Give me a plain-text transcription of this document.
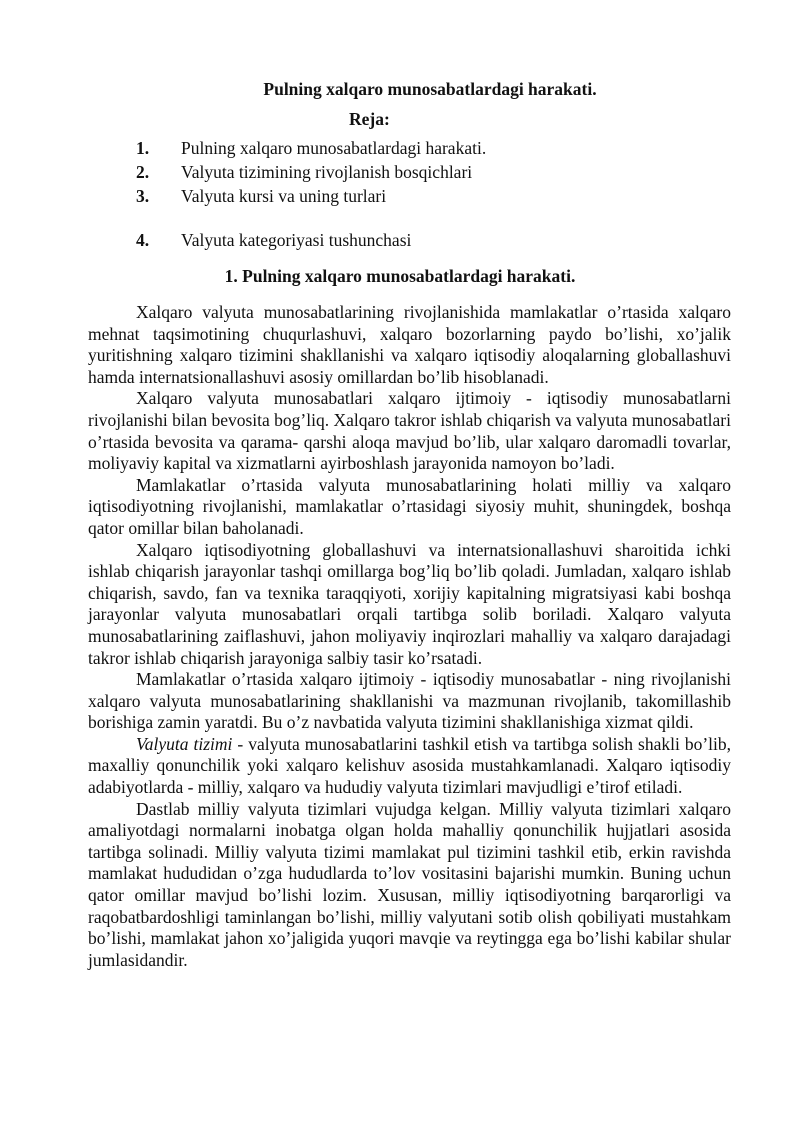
Pulning xalqaro munosabatlardagi harakati.
Reja:
1. Pulning xalqaro munosabatlardagi harakati.
2. Valyuta tizimining rivojlanish bosqichlari
3. Valyuta kursi va uning turlari
4. Valyuta kategoriyasi tushunchasi
1. Pulning xalqaro munosabatlardagi harakati.

Xalqaro valyuta munosabatlarining rivojlanishida mamlakatlar o’rtasida xalqaro mehnat taqsimotining chuqurlashuvi, xalqaro bozorlarning paydo bo’lishi, xo’jalik yuritishning xalqaro tizimini shakllanishi va xalqaro iqtisodiy aloqalarning globallashuvi hamda internatsionallashuvi asosiy omillardan bo’lib hisoblanadi.

Xalqaro valyuta munosabatlari xalqaro ijtimoiy - iqtisodiy munosabatlarni rivojlanishi bilan bevosita bog’liq. Xalqaro takror ishlab chiqarish va valyuta munosabatlari o’rtasida bevosita va qarama- qarshi aloqa mavjud bo’lib, ular xalqaro daromadli tovarlar, moliyaviy kapital va xizmatlarni ayirboshlash jarayonida namoyon bo’ladi.

Mamlakatlar o’rtasida valyuta munosabatlarining holati milliy va xalqaro iqtisodiyotning rivojlanishi, mamlakatlar o’rtasidagi siyosiy muhit, shuningdek, boshqa qator omillar bilan baholanadi.

Xalqaro iqtisodiyotning globallashuvi va internatsionallashuvi sharoitida ichki ishlab chiqarish jarayonlar tashqi omillarga bog’liq bo’lib qoladi. Jumladan, xalqaro ishlab chiqarish, savdo, fan va texnika taraqqiyoti, xorijiy kapitalning migratsiyasi kabi boshqa jarayonlar valyuta munosabatlari orqali tartibga solib boriladi. Xalqaro valyuta munosabatlarining zaiflashuvi, jahon moliyaviy inqirozlari mahalliy va xalqaro darajadagi takror ishlab chiqarish jarayoniga salbiy tasir ko’rsatadi.

Mamlakatlar o’rtasida xalqaro ijtimoiy - iqtisodiy munosabatlar - ning rivojlanishi xalqaro valyuta munosabatlarining shakllanishi va mazmunan rivojlanib, takomillashib borishiga zamin yaratdi. Bu o’z navbatida valyuta tizimini shakllanishiga xizmat qildi.

Valyuta tizimi - valyuta munosabatlarini tashkil etish va tartibga solish shakli bo’lib, maxalliy qonunchilik yoki xalqaro kelishuv asosida mustahkamlanadi. Xalqaro iqtisodiy adabiyotlarda - milliy, xalqaro va hududiy valyuta tizimlari mavjudligi e’tirof etiladi.

Dastlab milliy valyuta tizimlari vujudga kelgan. Milliy valyuta tizimlari xalqaro amaliyotdagi normalarni inobatga olgan holda mahalliy qonunchilik hujjatlari asosida tartibga solinadi. Milliy valyuta tizimi mamlakat pul tizimini tashkil etib, erkin ravishda mamlakat hududidan o’zga hududlarda to’lov vositasini bajarishi mumkin. Buning uchun qator omillar mavjud bo’lishi lozim. Xususan, milliy iqtisodiyotning barqarorligi va raqobatbardoshligi taminlangan bo’lishi, milliy valyutani sotib olish qobiliyati mustahkam bo’lishi, mamlakat jahon xo’jaligida yuqori mavqie va reytingga ega bo’lishi kabilar shular jumlasidandir.
